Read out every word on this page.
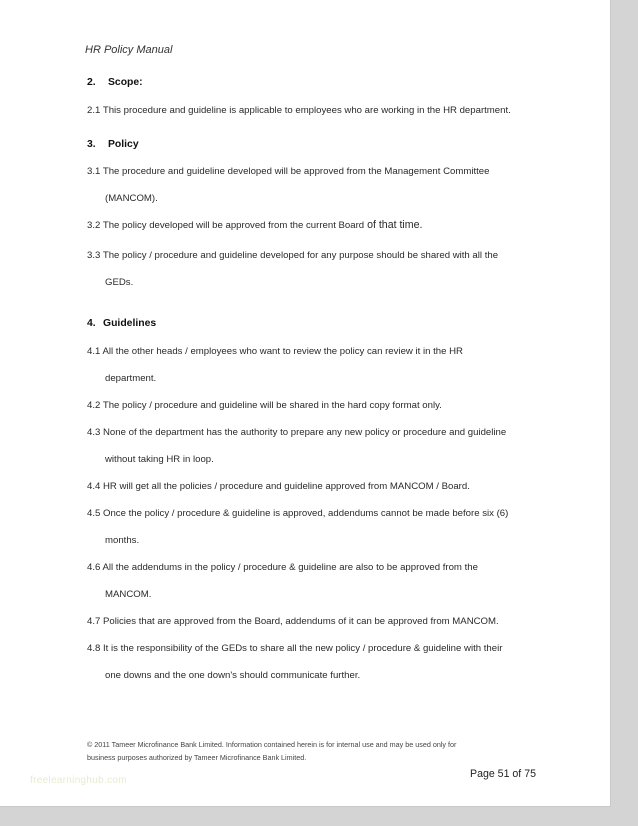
HR Policy Manual

2. Scope:

2.1 This procedure and guideline is applicable to employees who are working in the HR department.

3. Policy

3.1 The procedure and guideline developed will be approved from the Management Committee
(MANCOM).

3.2 The policy developed will be approved from the current Board of that time.

3.3 The policy / procedure and guideline developed for any purpose should be shared with all the
GEDs.

4. Guidelines

4.1 All the other heads / employees who want to review the policy can review it in the HR
department.

4.2 The policy / procedure and guideline will be shared in the hard copy format only.

4.3 None of the department has the authority to prepare any new policy or procedure and guideline
without taking HR in loop.

4.4 HR will get all the policies / procedure and guideline approved from MANCOM / Board.

4.5 Once the policy / procedure & guideline is approved, addendums cannot be made before six (6)
months.

4.6 All the addendums in the policy / procedure & guideline are also to be approved from the
MANCOM.

4.7 Policies that are approved from the Board, addendums of it can be approved from MANCOM.

4.8 It is the responsibility of the GEDs to share all the new policy / procedure & guideline with their
one downs and the one down's should communicate further.

© 2011 Tameer Microfinance Bank Limited. Information contained herein is for internal use and may be used only for
business purposes authorized by Tameer Microfinance Bank Limited.
Page 51 of 75
freelearninghub.com
